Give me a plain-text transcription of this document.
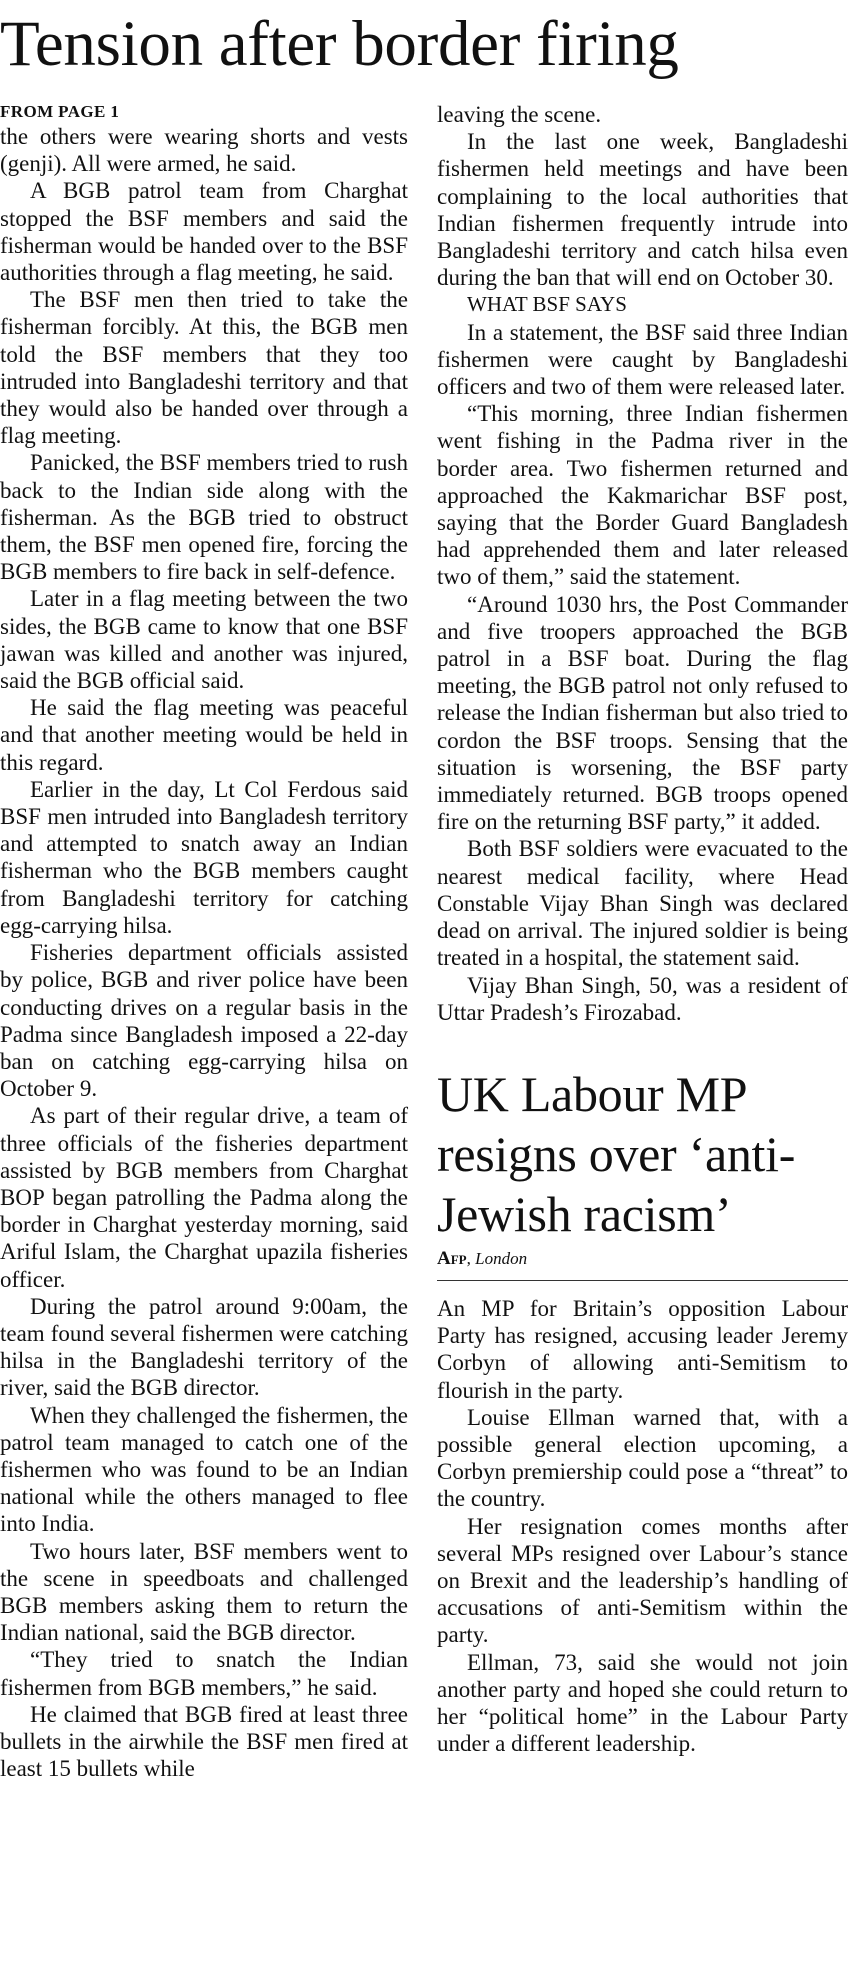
Tension after border firing
FROM PAGE 1

the others were wearing shorts and vests (genji). All were armed, he said.

A BGB patrol team from Charghat stopped the BSF members and said the fisherman would be handed over to the BSF authorities through a flag meeting, he said.

The BSF men then tried to take the fisherman forcibly. At this, the BGB men told the BSF members that they too intruded into Bangladeshi territory and that they would also be handed over through a flag meeting.

Panicked, the BSF members tried to rush back to the Indian side along with the fisherman. As the BGB tried to obstruct them, the BSF men opened fire, forcing the BGB members to fire back in self-defence.

Later in a flag meeting between the two sides, the BGB came to know that one BSF jawan was killed and another was injured, said the BGB official said.

He said the flag meeting was peaceful and that another meeting would be held in this regard.

Earlier in the day, Lt Col Ferdous said BSF men intruded into Bangladesh territory and attempted to snatch away an Indian fisherman who the BGB members caught from Bangladeshi territory for catching egg-carrying hilsa.

Fisheries department officials assisted by police, BGB and river police have been conducting drives on a regular basis in the Padma since Bangladesh imposed a 22-day ban on catching egg-carrying hilsa on October 9.

As part of their regular drive, a team of three officials of the fisheries department assisted by BGB members from Charghat BOP began patrolling the Padma along the border in Charghat yesterday morning, said Ariful Islam, the Charghat upazila fisheries officer.

During the patrol around 9:00am, the team found several fishermen were catching hilsa in the Bangladeshi territory of the river, said the BGB director.

When they challenged the fishermen, the patrol team managed to catch one of the fishermen who was found to be an Indian national while the others managed to flee into India.

Two hours later, BSF members went to the scene in speedboats and challenged BGB members asking them to return the Indian national, said the BGB director.

“They tried to snatch the Indian fishermen from BGB members,” he said.

He claimed that BGB fired at least three bullets in the airwhile the BSF men fired at least 15 bullets while

leaving the scene.

In the last one week, Bangladeshi fishermen held meetings and have been complaining to the local authorities that Indian fishermen frequently intrude into Bangladeshi territory and catch hilsa even during the ban that will end on October 30.

WHAT BSF SAYS

In a statement, the BSF said three Indian fishermen were caught by Bangladeshi officers and two of them were released later.

“This morning, three Indian fishermen went fishing in the Padma river in the border area. Two fishermen returned and approached the Kakmarichar BSF post, saying that the Border Guard Bangladesh had apprehended them and later released two of them,” said the statement.

“Around 1030 hrs, the Post Commander and five troopers approached the BGB patrol in a BSF boat. During the flag meeting, the BGB patrol not only refused to release the Indian fisherman but also tried to cordon the BSF troops. Sensing that the situation is worsening, the BSF party immediately returned. BGB troops opened fire on the returning BSF party,” it added.

Both BSF soldiers were evacuated to the nearest medical facility, where Head Constable Vijay Bhan Singh was declared dead on arrival. The injured soldier is being treated in a hospital, the statement said.

Vijay Bhan Singh, 50, was a resident of Uttar Pradesh’s Firozabad.

UK Labour MP resigns over ‘anti-Jewish racism’
Afp, London

An MP for Britain’s opposition Labour Party has resigned, accusing leader Jeremy Corbyn of allowing anti-Semitism to flourish in the party.

Louise Ellman warned that, with a possible general election upcoming, a Corbyn premiership could pose a “threat” to the country.

Her resignation comes months after several MPs resigned over Labour’s stance on Brexit and the leadership’s handling of accusations of anti-Semitism within the party.

Ellman, 73, said she would not join another party and hoped she could return to her “political home” in the Labour Party under a different leadership.
